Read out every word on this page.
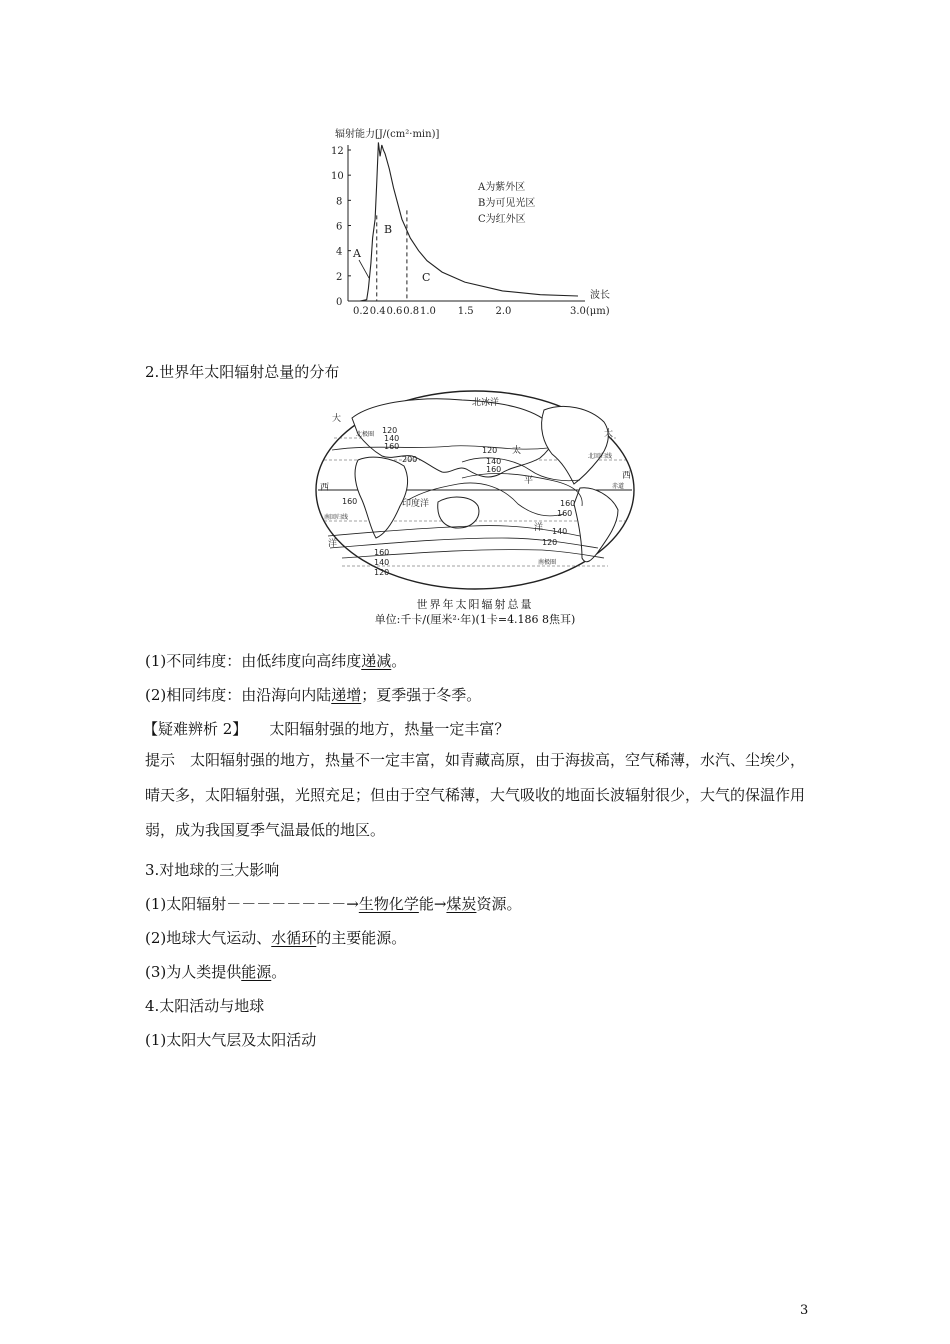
辐射能力[J/(cm²·min)]
0
2
4
6
8
10
12
0.2 0.4 0.6 0.8 1.0 1.5 2.0
A
B
C
A为紫外区
B为可见光区
C为红外区
波长
3.0(μm)
2.世界年太阳辐射总量的分布
北冰洋
大
太
平
印度洋
西
洋
大
西
洋
120
140
160	120
140
160
160
120
140
160
200
120
140
160
160
北极圈
北回归线
赤道
南回归线
南极圈
世界年太阳辐射总量
单位:千卡/(厘米²·年)(1卡=4.186 8焦耳)
(1)不同纬度：由低纬度向高纬度递减。
(2)相同纬度：由沿海向内陆递增；夏季强于冬季。
【疑难辨析 2】 太阳辐射强的地方，热量一定丰富？
提示　太阳辐射强的地方，热量不一定丰富，如青藏高原，由于海拔高，空气稀薄，水汽、尘埃少，晴天多，太阳辐射强，光照充足；但由于空气稀薄，大气吸收的地面长波辐射很少，大气的保温作用弱，成为我国夏季气温最低的地区。
3.对地球的三大影响
(1)太阳辐射－－－－－－－－→生物化学能→煤炭资源。
(2)地球大气运动、水循环的主要能源。
(3)为人类提供能源。
4.太阳活动与地球
(1)太阳大气层及太阳活动
3
